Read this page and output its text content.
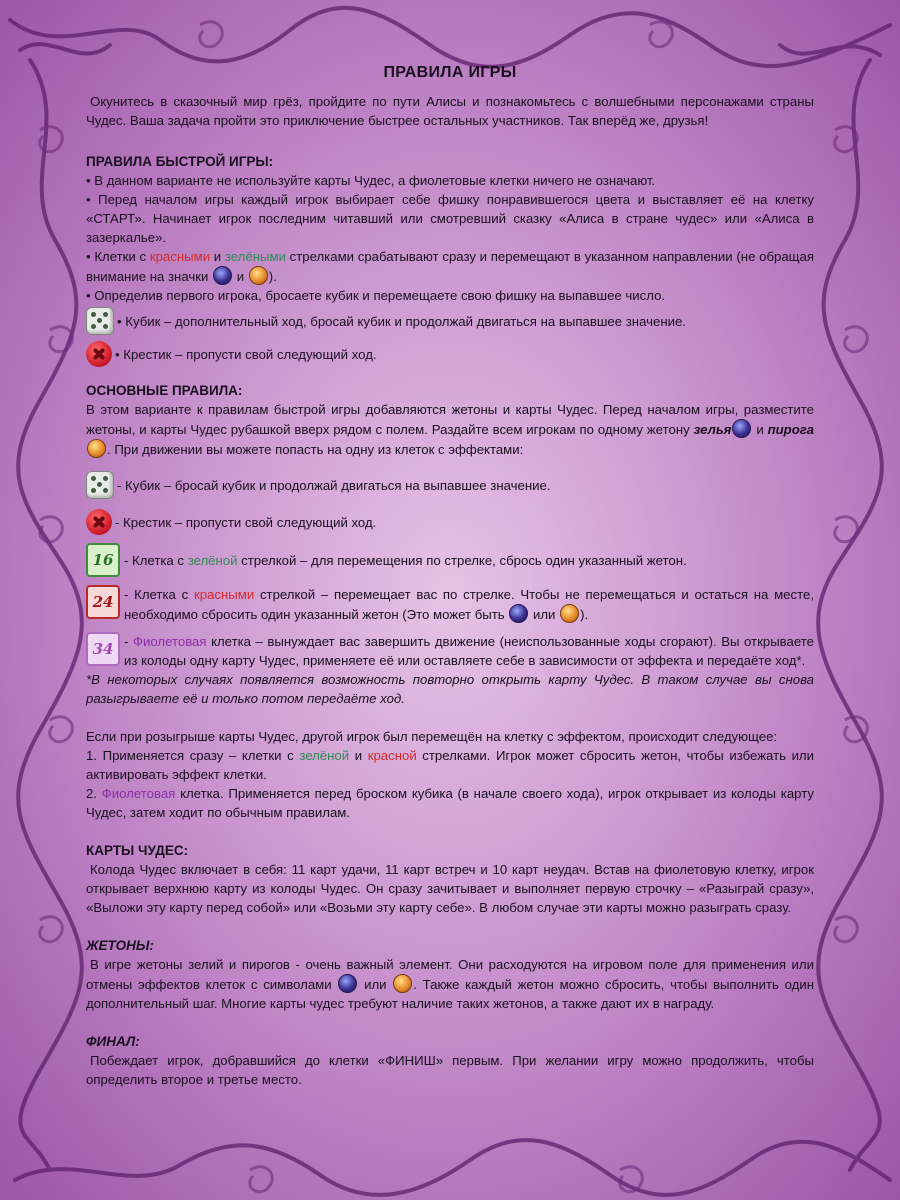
ПРАВИЛА ИГРЫ

Окунитесь в сказочный мир грёз, пройдите по пути Алисы и познакомьтесь с волшебными персонажами страны Чудес. Ваша задача пройти это приключение быстрее остальных участников. Так вперёд же, друзья!

ПРАВИЛА БЫСТРОЙ ИГРЫ:

• В данном варианте не используйте карты Чудес, а фиолетовые клетки ничего не означают.

• Перед началом игры каждый игрок выбирает себе фишку понравившегося цвета и выставляет её на клетку «СТАРТ». Начинает игрок последним читавший или смотревший сказку «Алиса в стране чудес» или «Алиса в зазеркалье».

• Клетки с красными и зелёными стрелками срабатывают сразу и перемещают в указанном направлении (не обращая внимание на значки  и ).

• Определив первого игрока, бросаете кубик и перемещаете свою фишку на выпавшее число.

• Кубик – дополнительный ход, бросай кубик и продолжай двигаться на выпавшее значение.
• Крестик – пропусти свой следующий ход.

ОСНОВНЫЕ ПРАВИЛА:

В этом варианте к правилам быстрой игры добавляются жетоны и карты Чудес. Перед началом игры, разместите жетоны, и карты Чудес рубашкой вверх рядом с полем. Раздайте всем игрокам по одному жетону зелья и пирога. При движении вы можете попасть на одну из клеток с эффектами:

- Кубик – бросай кубик и продолжай двигаться на выпавшее значение.
- Крестик – пропусти свой следующий ход.
16 - Клетка с зелёной стрелкой – для перемещения по стрелке, сбрось один указанный жетон.
24 - Клетка с красными стрелкой – перемещает вас по стрелке. Чтобы не перемещаться и остаться на месте, необходимо сбросить один указанный жетон (Это может быть  или ).
34 - Фиолетовая клетка – вынуждает вас завершить движение (неиспользованные ходы сгорают). Вы открываете из колоды одну карту Чудес, применяете её или оставляете себе в зависимости от эффекта и передаёте ход*.

*В некоторых случаях появляется возможность повторно открыть карту Чудес. В таком случае вы снова разыгрываете её и только потом передаёте ход.

Если при розыгрыше карты Чудес, другой игрок был перемещён на клетку с эффектом, происходит следующее:

1. Применяется сразу – клетки с зелёной и красной стрелками. Игрок может сбросить жетон, чтобы избежать или активировать эффект клетки.

2. Фиолетовая клетка. Применяется перед броском кубика (в начале своего хода), игрок открывает из колоды карту Чудес, затем ходит по обычным правилам.

КАРТЫ ЧУДЕС:

Колода Чудес включает в себя: 11 карт удачи, 11 карт встреч и 10 карт неудач. Встав на фиолетовую клетку, игрок открывает верхнюю карту из колоды Чудес. Он сразу зачитывает и выполняет первую строчку – «Разыграй сразу», «Выложи эту карту перед собой» или «Возьми эту карту себе». В любом случае эти карты можно разыграть сразу.

ЖЕТОНЫ:

В игре жетоны зелий и пирогов - очень важный элемент. Они расходуются на игровом поле для применения или отмены эффектов клеток с символами  или . Также каждый жетон можно сбросить, чтобы выполнить один дополнительный шаг. Многие карты чудес требуют наличие таких жетонов, а также дают их в награду.

ФИНАЛ:

Побеждает игрок, добравшийся до клетки «ФИНИШ» первым. При желании игру можно продолжить, чтобы определить второе и третье место.
